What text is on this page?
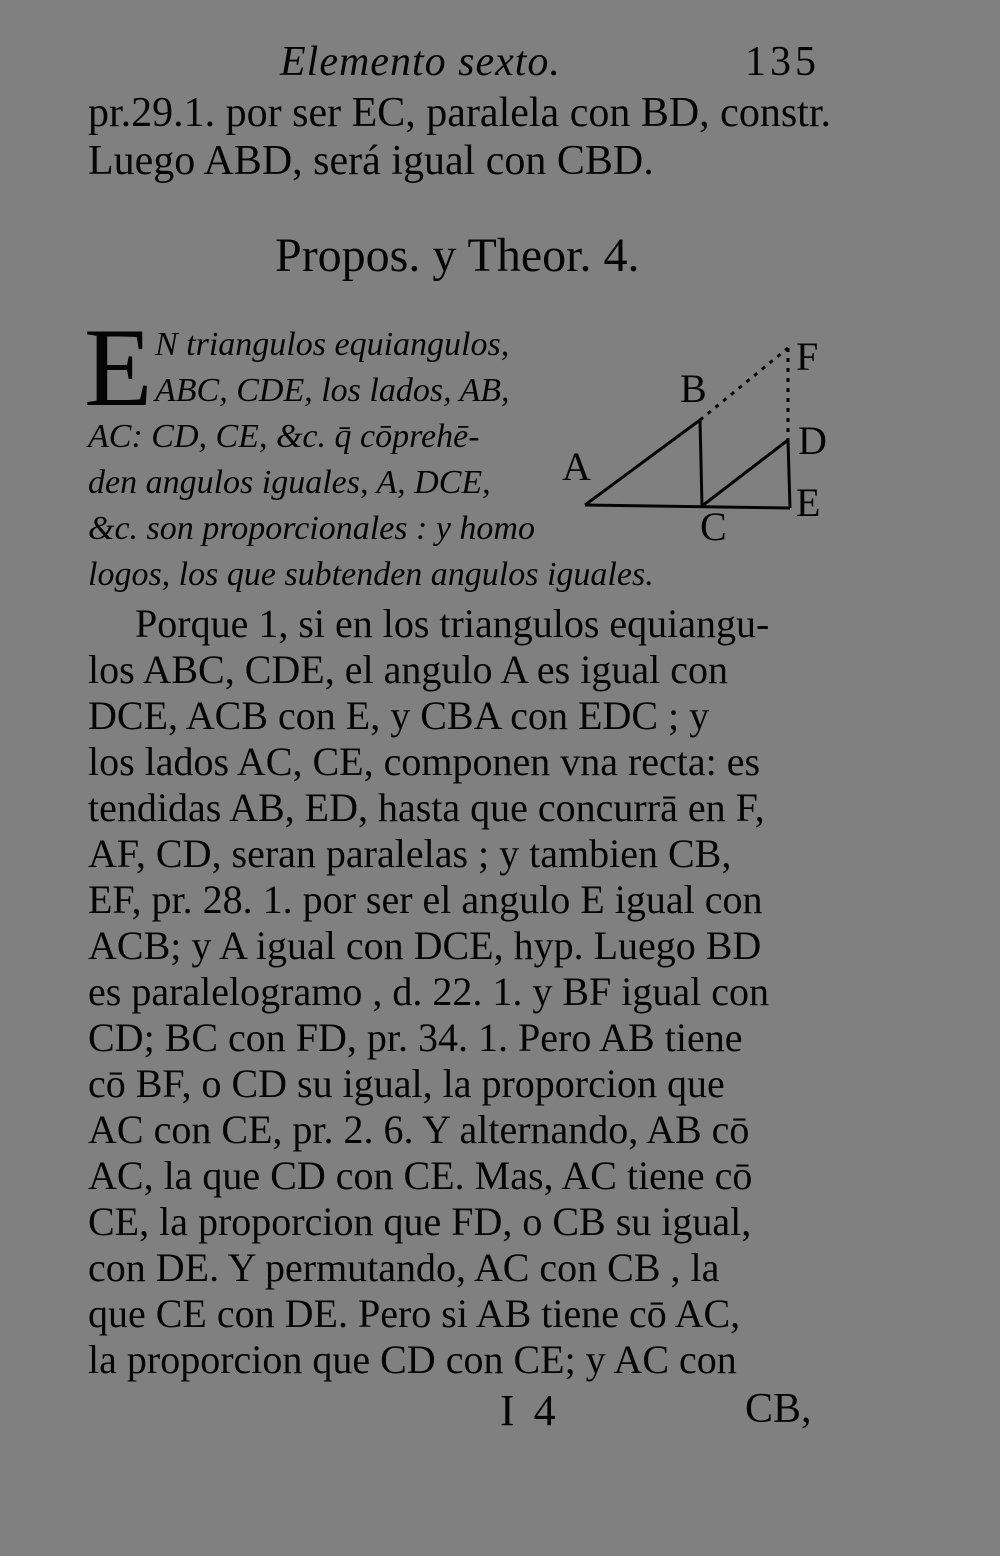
Elemento sexto.	135
pr.29.1. por ser EC, paralela con BD, constr.
Luego ABD, será igual con CBD.
Propos. y Theor. 4.
E N triangulos equiangulos,
ABC, CDE, los lados, AB,
AC: CD, CE, &c. q̄ cōprehē-
den angulos iguales, A, DCE,
&c. son proporcionales : y homo
logos, los que subtenden angulos iguales.
A
B
C
D
E
F
Porque 1, si en los triangulos equiangu-
los ABC, CDE, el angulo A es igual con
DCE, ACB con E, y CBA con EDC ; y
los lados AC, CE, componen vna recta: es
tendidas AB, ED, hasta que concurrā en F,
AF, CD, seran paralelas ; y tambien CB,
EF, pr. 28. 1. por ser el angulo E igual con
ACB; y A igual con DCE, hyp. Luego BD
es paralelogramo , d. 22. 1. y BF igual con
CD; BC con FD, pr. 34. 1. Pero AB tiene
cō BF, o CD su igual, la proporcion que
AC con CE, pr. 2. 6. Y alternando, AB cō
AC, la que CD con CE. Mas, AC tiene cō
CE, la proporcion que FD, o CB su igual,
con DE. Y permutando, AC con CB , la
que CE con DE. Pero si AB tiene cō AC,
la proporcion que CD con CE; y AC con
I 4	CB,
